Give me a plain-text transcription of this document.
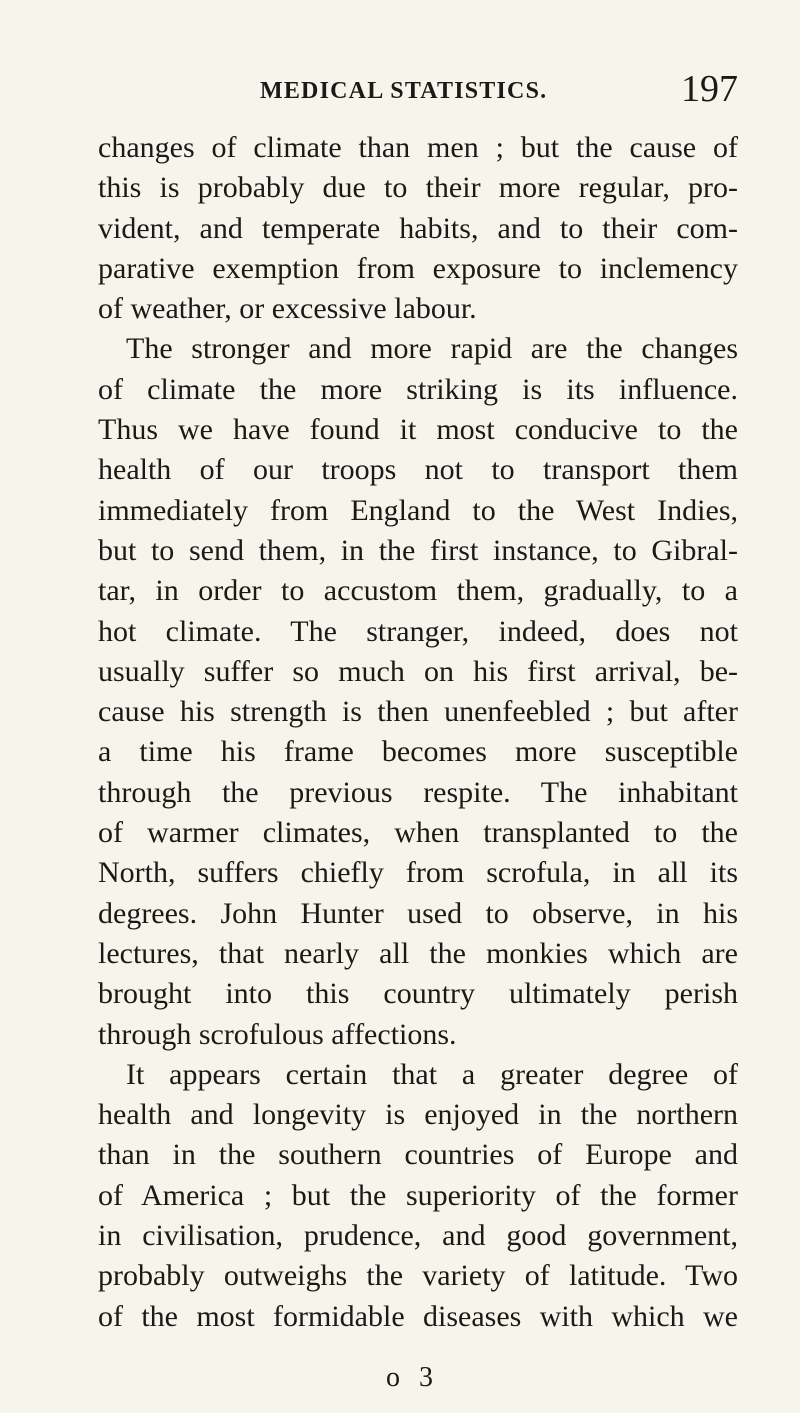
MEDICAL STATISTICS.	197
changes of climate than men ; but the cause of
this is probably due to their more regular, pro-
vident, and temperate habits, and to their com-
parative exemption from exposure to inclemency
of weather, or excessive labour.
The stronger and more rapid are the changes
of climate the more striking is its influence.
Thus we have found it most conducive to the
health of our troops not to transport them
immediately from England to the West Indies,
but to send them, in the first instance, to Gibral-
tar, in order to accustom them, gradually, to a
hot climate. The stranger, indeed, does not
usually suffer so much on his first arrival, be-
cause his strength is then unenfeebled ; but after
a time his frame becomes more susceptible
through the previous respite. The inhabitant
of warmer climates, when transplanted to the
North, suffers chiefly from scrofula, in all its
degrees. John Hunter used to observe, in his
lectures, that nearly all the monkies which are
brought into this country ultimately perish
through scrofulous affections.
It appears certain that a greater degree of
health and longevity is enjoyed in the northern
than in the southern countries of Europe and
of America ; but the superiority of the former
in civilisation, prudence, and good government,
probably outweighs the variety of latitude. Two
of the most formidable diseases with which we
o 3
